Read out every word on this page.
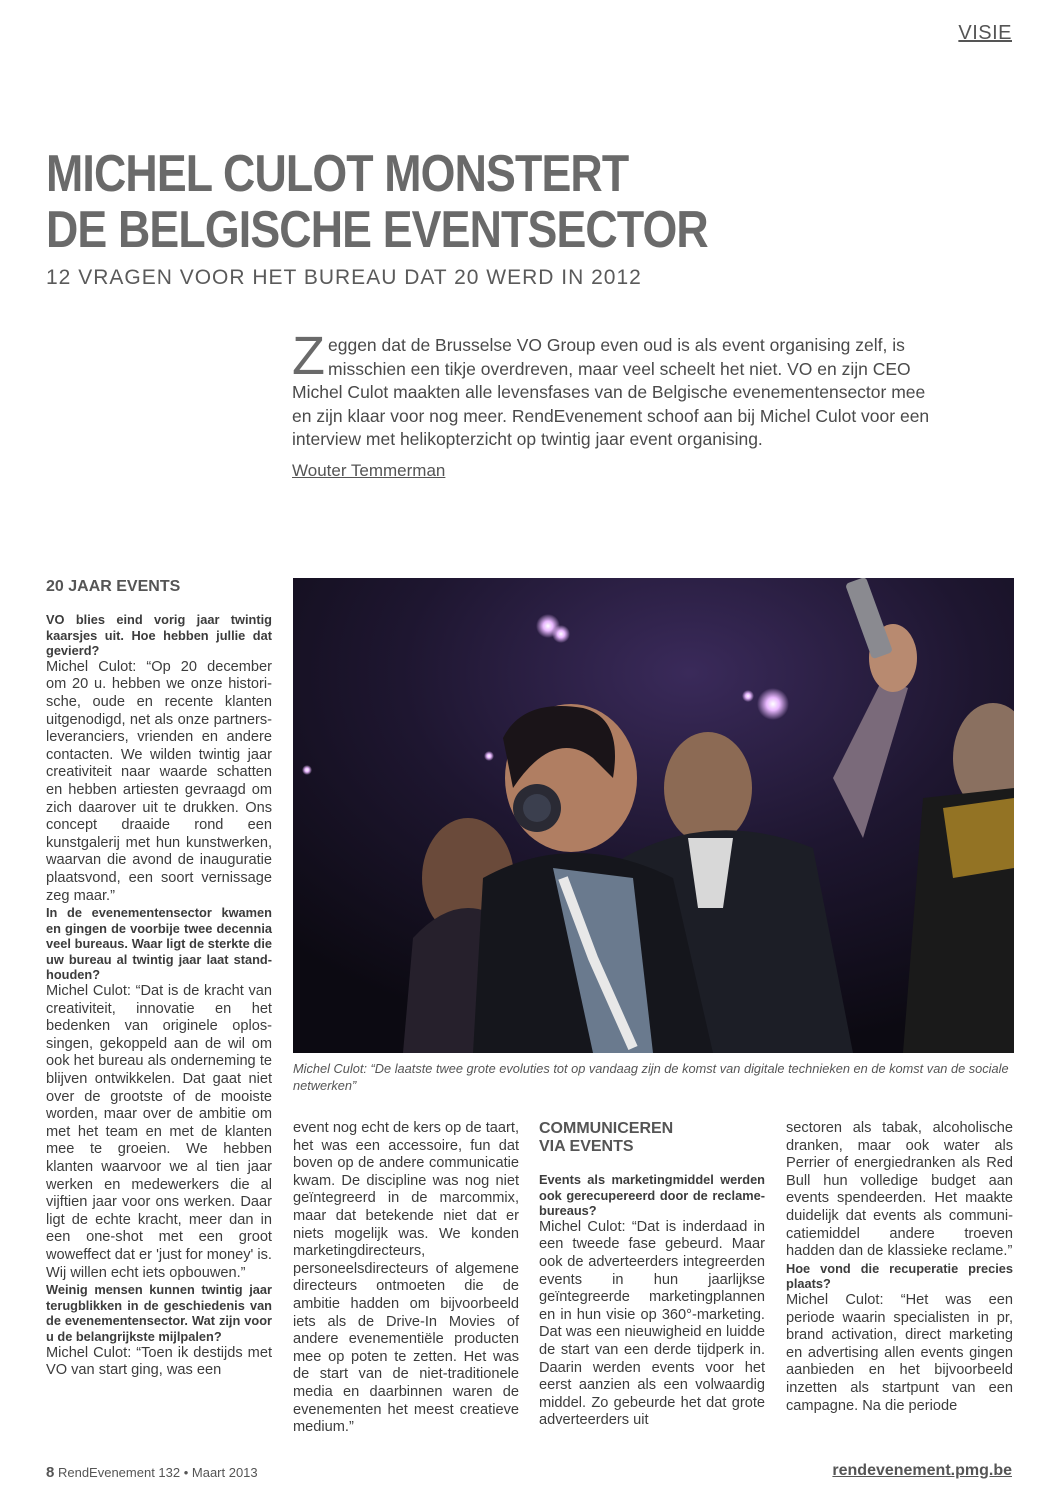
VISIE
MICHEL CULOT MONSTERT
DE BELGISCHE EVENTSECTOR
12 VRAGEN VOOR HET BUREAU DAT 20 WERD IN 2012
Zeggen dat de Brusselse VO Group even oud is als event organising zelf, is misschien een tikje overdreven, maar veel scheelt het niet. VO en zijn CEO Michel Culot maakten alle levensfases van de Belgische evenementensector mee en zijn klaar voor nog meer. RendEvenement schoof aan bij Michel Culot voor een interview met helikopterzicht op twintig jaar event organising.
Wouter Temmerman
20 JAAR EVENTS

VO blies eind vorig jaar twintig kaarsjes uit. Hoe hebben jullie dat gevierd?

Michel Culot: “Op 20 december om 20 u. hebben we onze historische, oude en recente klanten uitgenodigd, net als onze partners-leveranciers, vrienden en andere contacten. We wilden twintig jaar creativiteit naar waarde schatten en hebben artiesten gevraagd om zich daarover uit te drukken. Ons concept draaide rond een kunstgalerij met hun kunstwerken, waarvan die avond de inauguratie plaatsvond, een soort vernissage zeg maar.”

In de evenementensector kwamen en gingen de voorbije twee decennia veel bureaus. Waar ligt de sterkte die uw bureau al twintig jaar laat standhouden?

Michel Culot: “Dat is de kracht van creativiteit, innovatie en het bedenken van originele oplossingen, gekoppeld aan de wil om ook het bureau als onderneming te blijven ontwikkelen. Dat gaat niet over de grootste of de mooiste worden, maar over de ambitie om met het team en met de klanten mee te groeien. We hebben klanten waarvoor we al tien jaar werken en medewerkers die al vijftien jaar voor ons werken. Daar ligt de echte kracht, meer dan in een one-shot met een groot woweffect dat er 'just for money' is. Wij willen echt iets opbouwen.”

Weinig mensen kunnen twintig jaar terugblikken in de geschiedenis van de evenementensector. Wat zijn voor u de belangrijkste mijlpalen?

Michel Culot: “Toen ik destijds met VO van start ging, was een

Michel Culot: “De laatste twee grote evoluties tot op vandaag zijn de komst van digitale technieken en de komst van de sociale netwerken”

event nog echt de kers op de taart, het was een accessoire, fun dat boven op de andere communicatie kwam. De discipline was nog niet geïntegreerd in de marcommix, maar dat betekende niet dat er niets mogelijk was. We konden marketingdirecteurs, personeelsdirecteurs of algemene directeurs ontmoeten die de ambitie hadden om bijvoorbeeld iets als de Drive-In Movies of andere evenementiële producten mee op poten te zetten. Het was de start van de niet-traditionele media en daarbinnen waren de evenementen het meest creatieve medium.”

COMMUNICEREN
VIA EVENTS

Events als marketingmiddel werden ook gerecupereerd door de reclamebureaus?

Michel Culot: “Dat is inderdaad in een tweede fase gebeurd. Maar ook de adverteerders integreerden events in hun jaarlijkse geïntegreerde marketingplannen en in hun visie op 360°-marketing. Dat was een nieuwigheid en luidde de start van een derde tijdperk in. Daarin werden events voor het eerst aanzien als een volwaardig middel. Zo gebeurde het dat grote adverteerders uit

sectoren als tabak, alcoholische dranken, maar ook water als Perrier of energiedranken als Red Bull hun volledige budget aan events spendeerden. Het maakte duidelijk dat events als communicatiemiddel andere troeven hadden dan de klassieke reclame.”

Hoe vond die recuperatie precies plaats?

Michel Culot: “Het was een periode waarin specialisten in pr, brand activation, direct marketing en advertising allen events gingen aanbieden en het bijvoorbeeld inzetten als startpunt van een campagne. Na die periode

8 RendEvenement 132 • Maart 2013	rendevenement.pmg.be
